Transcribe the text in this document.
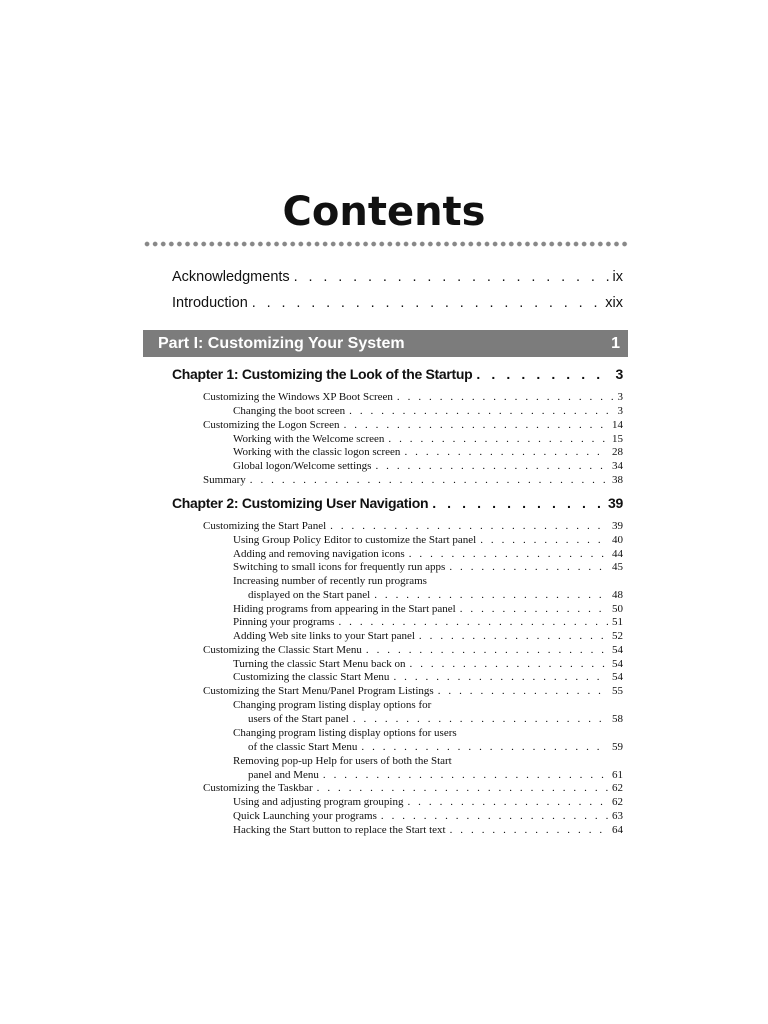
Contents
Acknowledgments . . .	ix
Introduction . . .	xix
Part I: Customizing Your System	1
Chapter 1: Customizing the Look of the Startup . . .	3
Customizing the Windows XP Boot Screen . . .	3
Changing the boot screen . . .	3
Customizing the Logon Screen . . .	14
Working with the Welcome screen . . .	15
Working with the classic logon screen . . .	28
Global logon/Welcome settings . . .	34
Summary . . .	38
Chapter 2: Customizing User Navigation . . .	39
Customizing the Start Panel . . .	39
Using Group Policy Editor to customize the Start panel . . .	40
Adding and removing navigation icons . . .	44
Switching to small icons for frequently run apps . . .	45
Increasing number of recently run programs
displayed on the Start panel . . .	48
Hiding programs from appearing in the Start panel . . .	50
Pinning your programs . . .	51
Adding Web site links to your Start panel . . .	52
Customizing the Classic Start Menu . . .	54
Turning the classic Start Menu back on . . .	54
Customizing the classic Start Menu . . .	54
Customizing the Start Menu/Panel Program Listings . . .	55
Changing program listing display options for
users of the Start panel . . .	58
Changing program listing display options for users
of the classic Start Menu . . .	59
Removing pop-up Help for users of both the Start
panel and Menu . . .	61
Customizing the Taskbar . . .	62
Using and adjusting program grouping . . .	62
Quick Launching your programs . . .	63
Hacking the Start button to replace the Start text . . .	64
